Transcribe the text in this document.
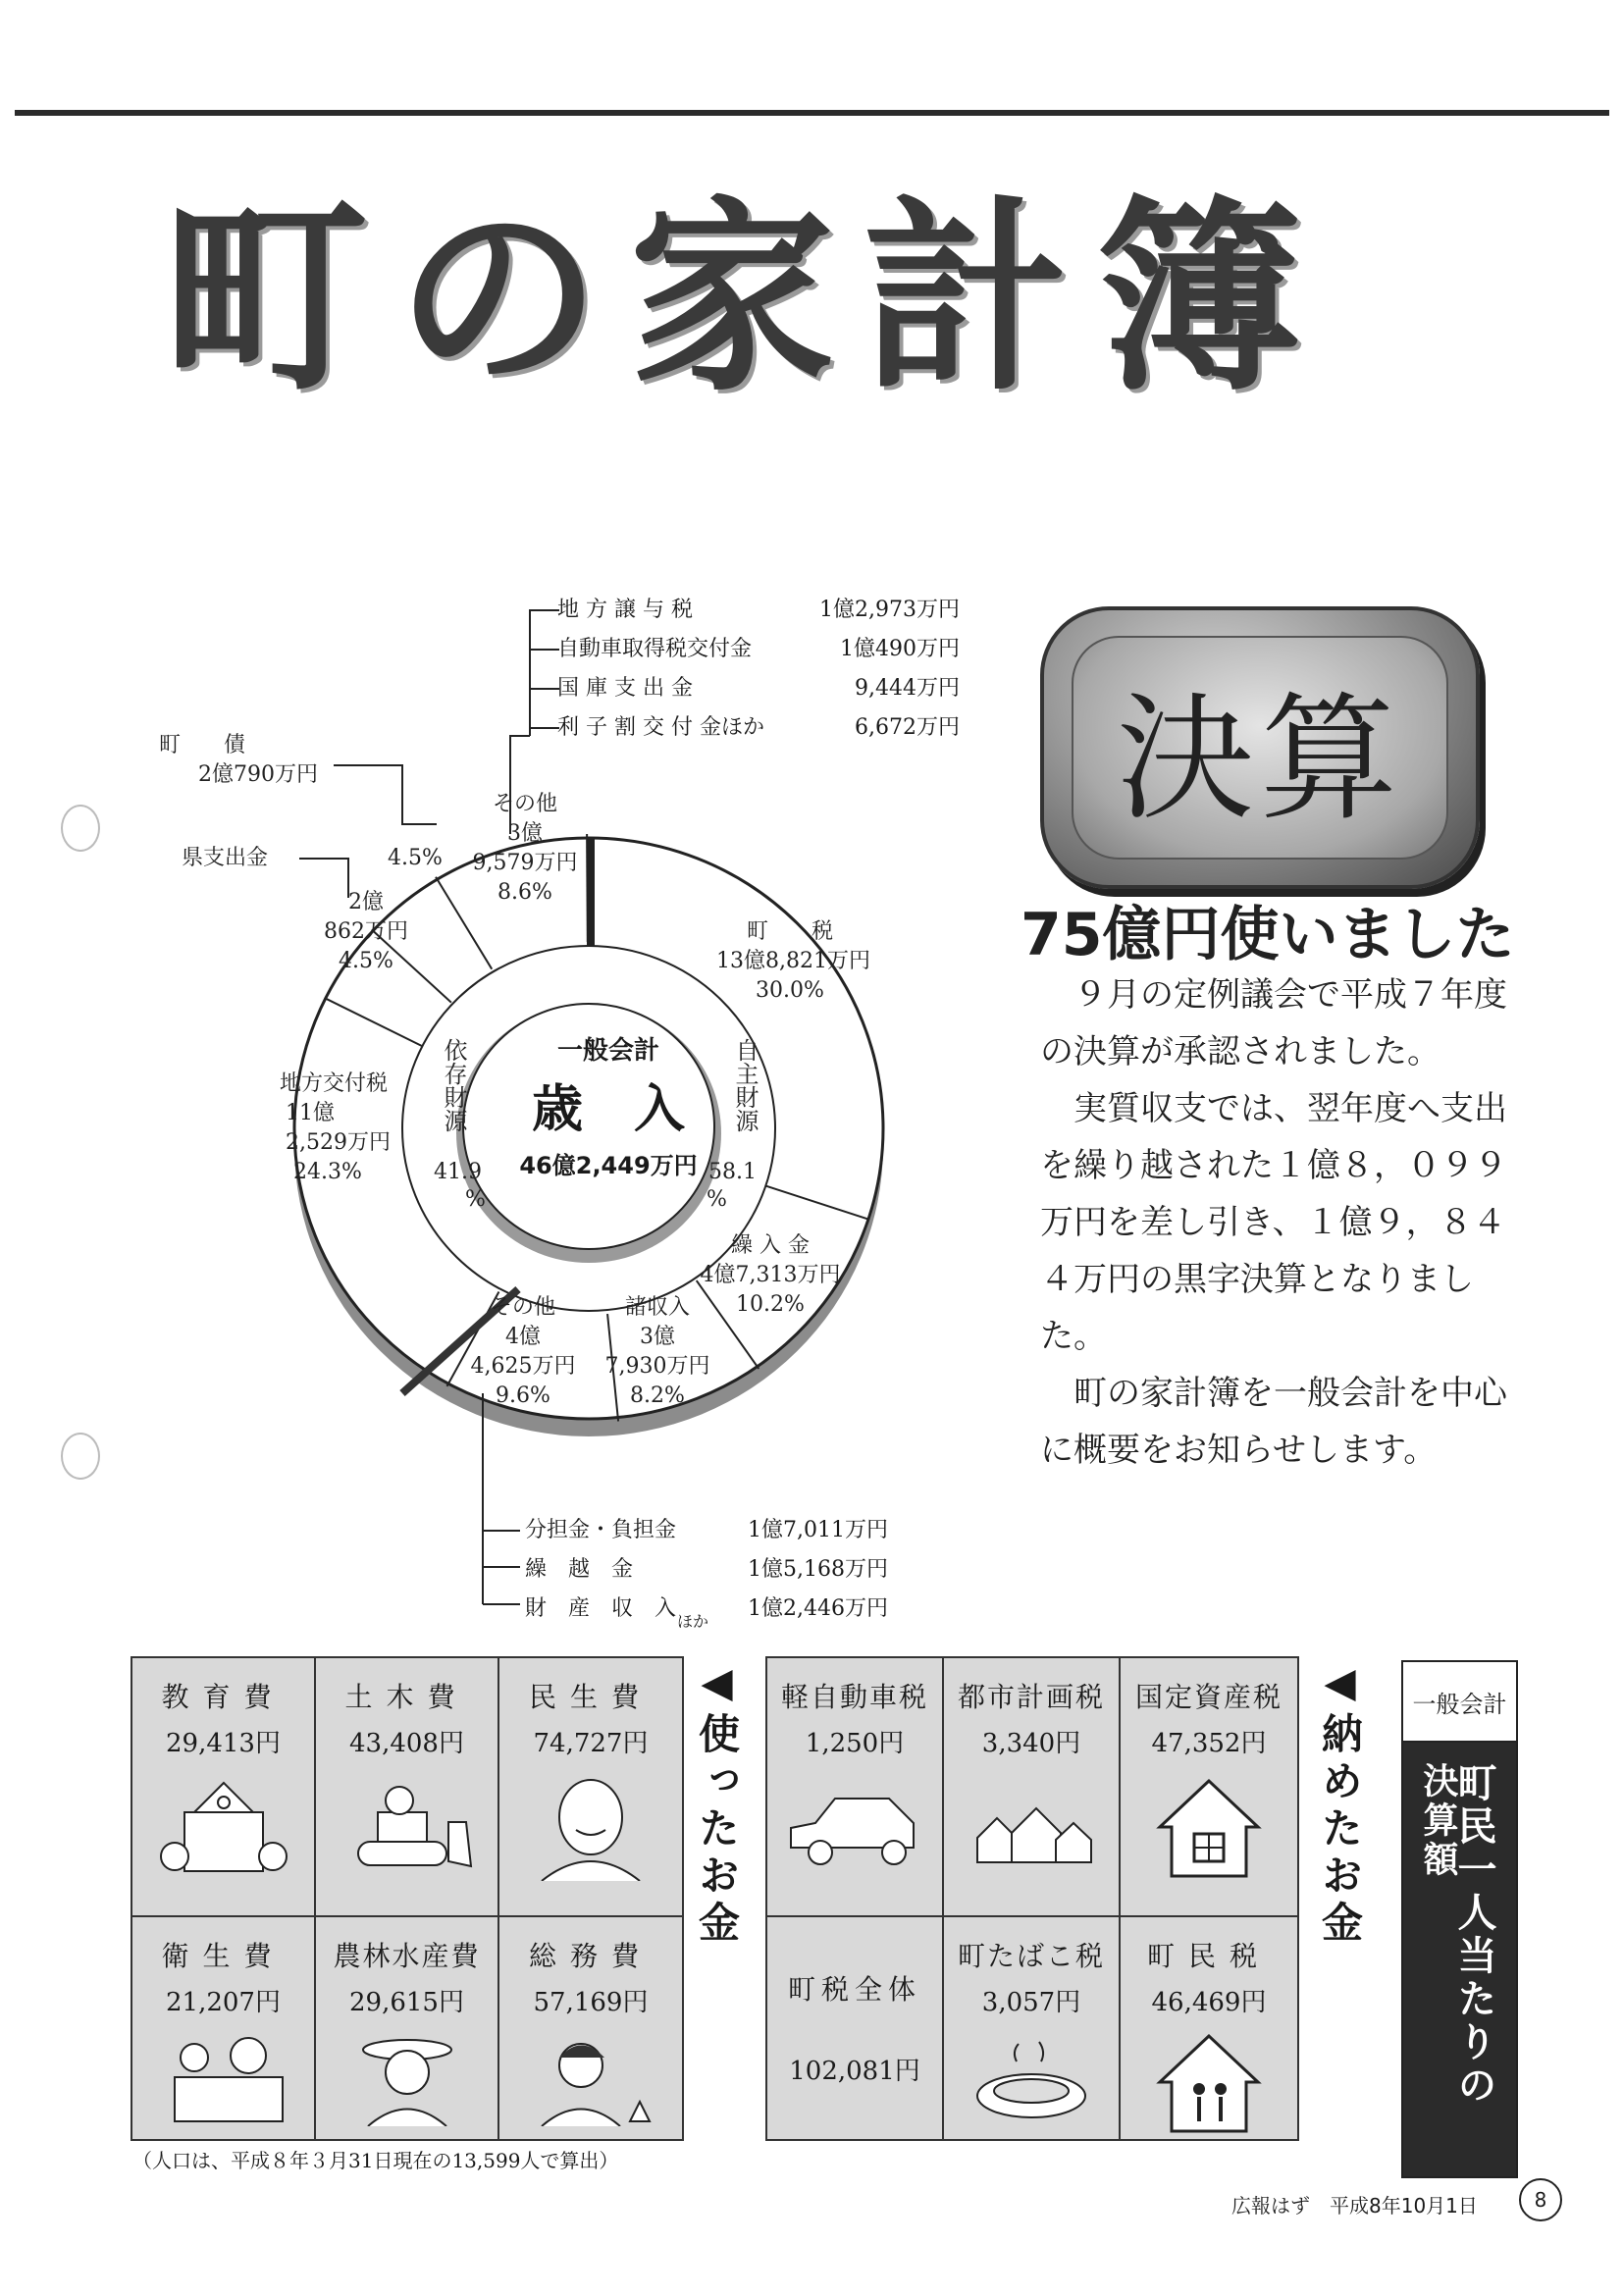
町の家計簿
決算
75億円使いました

９月の定例議会で平成７年度の決算が承認されました。

実質収支では、翌年度へ支出を繰り越された１億８，０９９万円を差し引き、１億９，８４４万円の黒字決算となりました。

町の家計簿を一般会計を中心に概要をお知らせします。

地 方 譲 与 税	1億2,973万円
自動車取得税交付金	1億490万円
国 庫 支 出 金	9,444万円
利 子 割 交 付 金ほか	6,672万円
一般会計
歳　入
46億2,449万円
依存財源
41.9
%
自主財源
58.1
%
町　　税
13億8,821万円
30.0%
繰 入 金
4億7,313万円
10.2%
諸収入
3億
7,930万円
8.2%
その他
4億
4,625万円
9.6%
地方交付税
11億
2,529万円
24.3%
2億
862万円
4.5%
4.5%
その他
3億
9,579万円
8.6%
町　　債
2億790万円
県支出金
分担金・負担金	1億7,011万円
繰　越　金	1億5,168万円
財　産　収　入	1億2,446万円
ほか
教育費
29,413円
土木費
43,408円
民生費
74,727円
衛生費
21,207円
農林水産費
29,615円
総務費
57,169円
◀使ったお金	軽自動車税
1,250円
都市計画税
3,340円
国定資産税
47,352円
町税全体
102,081円
町たばこ税
3,057円
町民税
46,469円
◀納めたお金	一般会計
町民一人当たりの
決算額
（人口は、平成８年３月31日現在の13,599人で算出）
広報はず　平成8年10月1日	8
